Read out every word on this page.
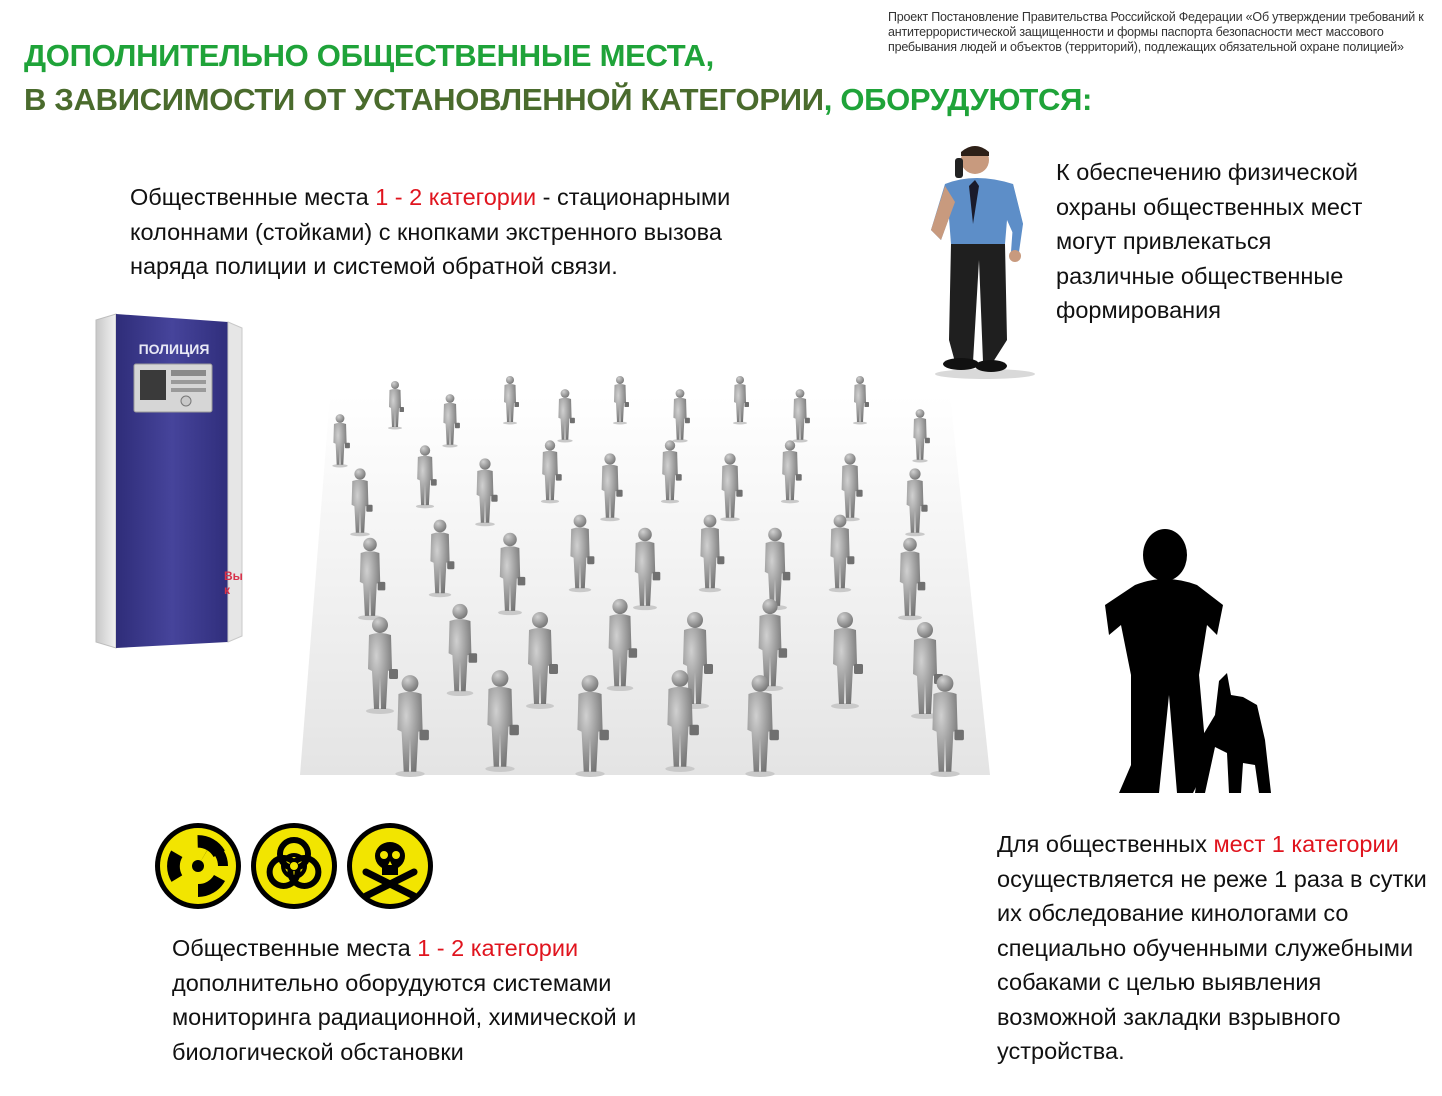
Проект Постановление Правительства Российской Федерации «Об утверждении требований к антитеррористической защищенности и формы паспорта безопасности мест массового пребывания людей и объектов (территорий), подлежащих обязательной охране полицией»
ДОПОЛНИТЕЛЬНО ОБЩЕСТВЕННЫЕ МЕСТА,
В ЗАВИСИМОСТИ ОТ УСТАНОВЛЕННОЙ КАТЕГОРИИ, ОБОРУДУЮТСЯ:
Общественные места 1 - 2 категории - стационарными колоннами (стойками) с кнопками экстренного вызова наряда полиции и системой обратной связи.
К обеспечению физической охраны общественных мест могут привлекаться различные общественные формирования
Общественные места 1 - 2 категории дополнительно оборудуются системами мониторинга радиационной, химической и биологической обстановки
Для общественных мест 1 категории осуществляется не реже 1 раза в сутки их обследование кинологами со специально обученными служебными собаками с целью выявления возможной закладки взрывного устройства.
ПОЛИЦИЯ
Вы к
